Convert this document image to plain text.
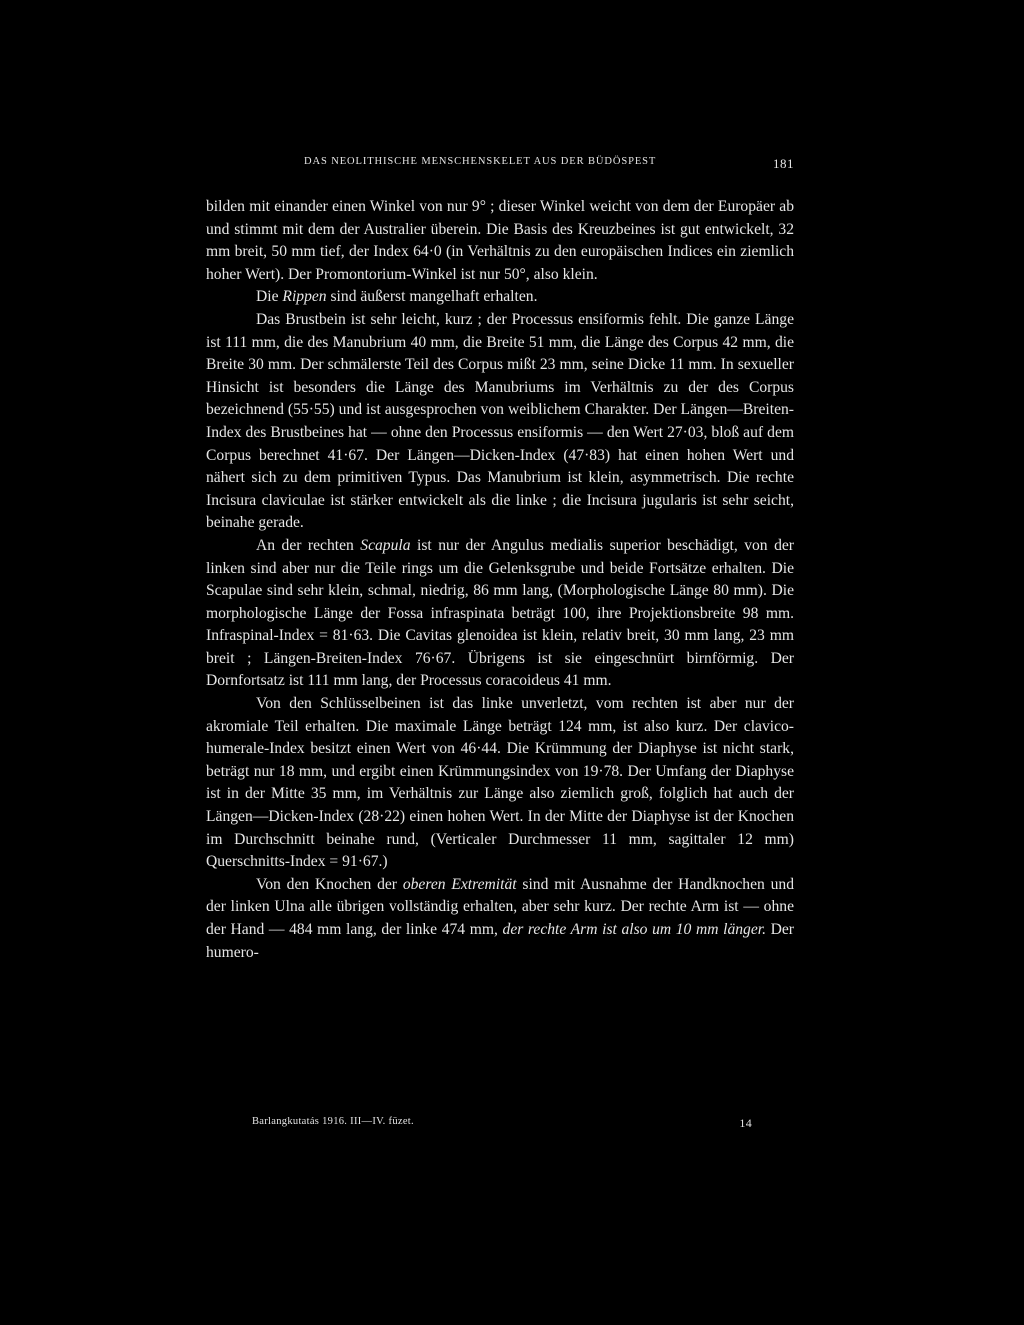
DAS NEOLITHISCHE MENSCHENSKELET AUS DER BÜDÖSPEST	181

bilden mit einander einen Winkel von nur 9° ; dieser Winkel weicht von dem der Europäer ab und stimmt mit dem der Australier überein. Die Basis des Kreuzbeines ist gut entwickelt, 32 mm breit, 50 mm tief, der Index 64·0 (in Verhältnis zu den europäischen Indices ein ziemlich hoher Wert). Der Promontorium-Winkel ist nur 50°, also klein.

Die Rippen sind äußerst mangelhaft erhalten.

Das Brustbein ist sehr leicht, kurz ; der Processus ensiformis fehlt. Die ganze Länge ist 111 mm, die des Manubrium 40 mm, die Breite 51 mm, die Länge des Corpus 42 mm, die Breite 30 mm. Der schmälerste Teil des Corpus mißt 23 mm, seine Dicke 11 mm. In sexueller Hinsicht ist besonders die Länge des Manubriums im Verhältnis zu der des Corpus bezeichnend (55·55) und ist ausgesprochen von weiblichem Charakter. Der Längen—Breiten-Index des Brustbeines hat — ohne den Processus ensiformis — den Wert 27·03, bloß auf dem Corpus berechnet 41·67. Der Längen—Dicken-Index (47·83) hat einen hohen Wert und nähert sich zu dem primitiven Typus. Das Manubrium ist klein, asymmetrisch. Die rechte Incisura claviculae ist stärker entwickelt als die linke ; die Incisura jugularis ist sehr seicht, beinahe gerade.

An der rechten Scapula ist nur der Angulus medialis superior beschädigt, von der linken sind aber nur die Teile rings um die Gelenksgrube und beide Fortsätze erhalten. Die Scapulae sind sehr klein, schmal, niedrig, 86 mm lang, (Morphologische Länge 80 mm). Die morphologische Länge der Fossa infraspinata beträgt 100, ihre Projektionsbreite 98 mm. Infraspinal-Index = 81·63. Die Cavitas glenoidea ist klein, relativ breit, 30 mm lang, 23 mm breit ; Längen-Breiten-Index 76·67. Übrigens ist sie eingeschnürt birnförmig. Der Dornfortsatz ist 111 mm lang, der Processus coracoideus 41 mm.

Von den Schlüsselbeinen ist das linke unverletzt, vom rechten ist aber nur der akromiale Teil erhalten. Die maximale Länge beträgt 124 mm, ist also kurz. Der clavico-humerale-Index besitzt einen Wert von 46·44. Die Krümmung der Diaphyse ist nicht stark, beträgt nur 18 mm, und ergibt einen Krümmungsindex von 19·78. Der Umfang der Diaphyse ist in der Mitte 35 mm, im Verhältnis zur Länge also ziemlich groß, folglich hat auch der Längen—Dicken-Index (28·22) einen hohen Wert. In der Mitte der Diaphyse ist der Knochen im Durchschnitt beinahe rund, (Verticaler Durchmesser 11 mm, sagittaler 12 mm) Querschnitts-Index = 91·67.)

Von den Knochen der oberen Extremität sind mit Ausnahme der Handknochen und der linken Ulna alle übrigen vollständig erhalten, aber sehr kurz. Der rechte Arm ist — ohne der Hand — 484 mm lang, der linke 474 mm, der rechte Arm ist also um 10 mm länger. Der humero-

Barlangkutatás 1916. III—IV. füzet.	14
